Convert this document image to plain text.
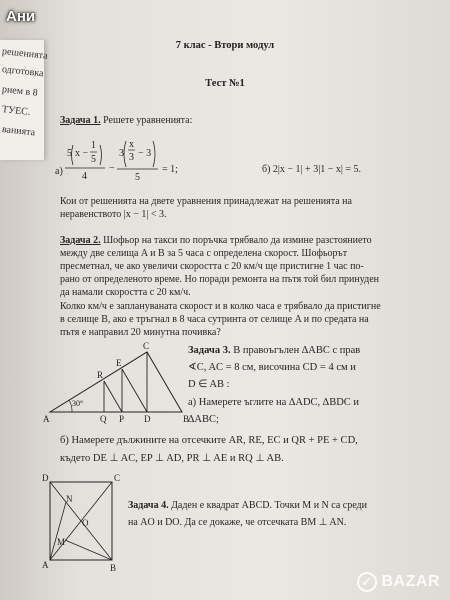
решенията
одготовка
рием в 8
ТУЕС.
ванията
Ани
7 клас - Втори модул
Тест №1
Задача 1. Решете уравненията:
а)
5 x −
1
5
4
−
3
x
3 − 3
5
= 1;	б) 2|x − 1| + 3|1 − x| = 5.
Кои от решенията на двете уравнения принадлежат на решенията на
неравенството |x − 1| < 3.
Задача 2. Шофьор на такси по поръчка трябвало да измине разстоянието
между две селища A и B за 5 часа с определена скорост. Шофьорът
пресметнал, че ако увеличи скоростта с 20 км/ч ще пристигне 1 час по-
рано от определеното време. Но поради ремонта на пътя той бил принуден
да намали скоростта с 20 км/ч.
Колко км/ч е заплануваната скорост и в колко часа е трябвало да пристигне
в селище B, ако е тръгнал в 8 часа сутринта от селище A и по средата на
пътя е направил 20 минутна почивка?
30°
A	B
C
D
E
R
Q P
Задача 3. В правоъгълен ∆ABC с прав
∢C, AC = 8 см, височина CD = 4 см и
D ∈ AB :
а) Намерете ъглите на ∆ADC, ∆BDC и
∆ABC;
б) Намерете дължините на отсечките AR, RE, EC и QR + PE + CD,
където DE ⊥ AC, EP ⊥ AD, PR ⊥ AE и RQ ⊥ AB.
A	B
C
D
M
N
O
Задача 4. Даден е квадрат ABCD. Точки M и N са среди
на AO и DO. Да се докаже, че отсечката BM ⊥ AN.
✓ BAZAR
